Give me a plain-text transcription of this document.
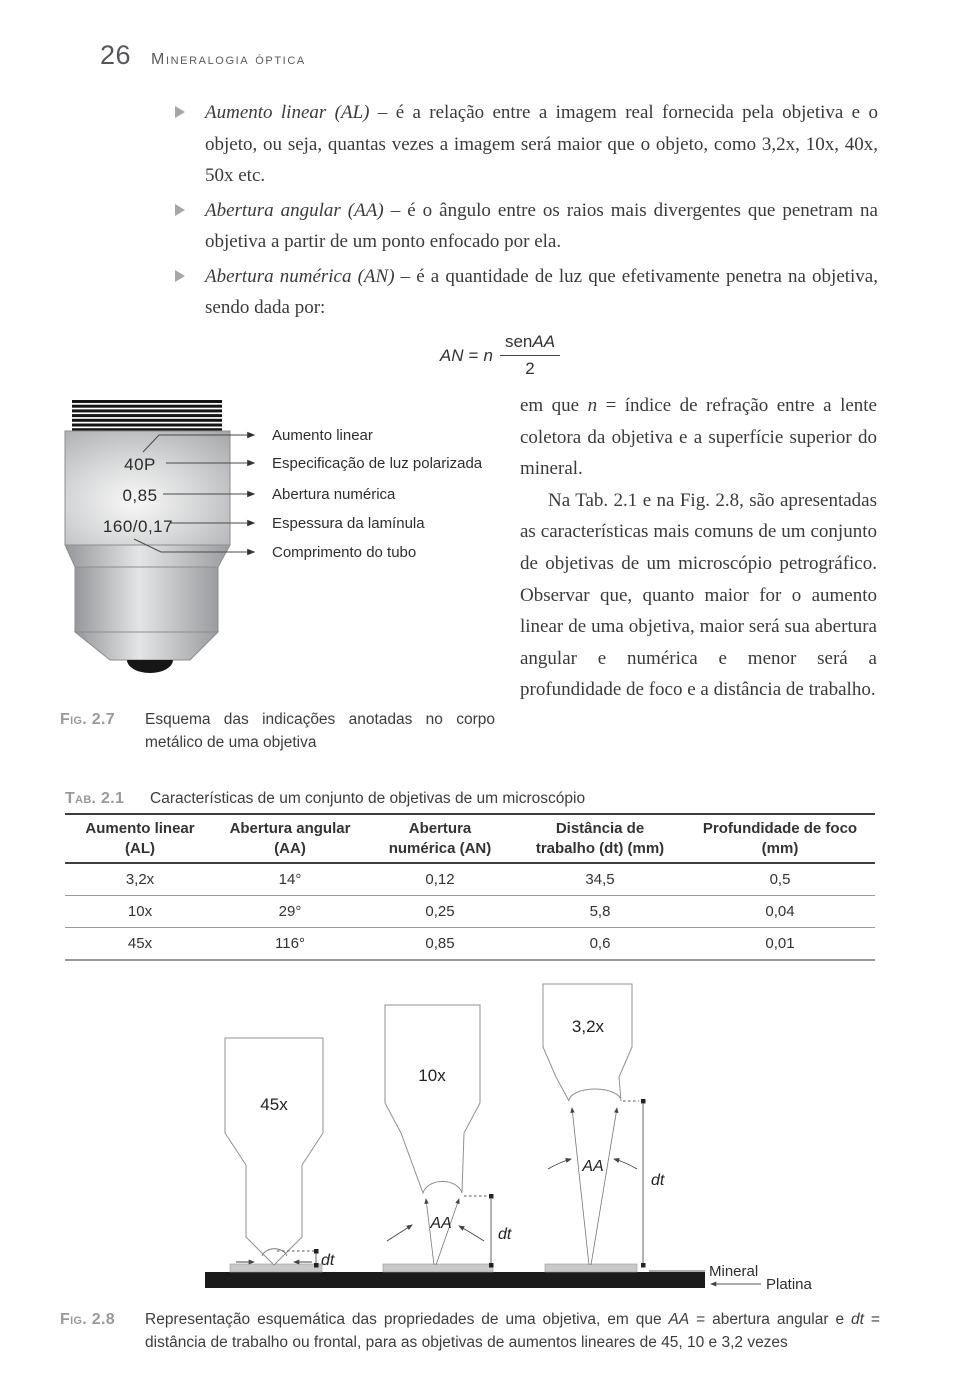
26 Mineralogia óptica
Aumento linear (AL) – é a relação entre a imagem real fornecida pela objetiva e o objeto, ou seja, quantas vezes a imagem será maior que o objeto, como 3,2x, 10x, 40x, 50x etc.
Abertura angular (AA) – é o ângulo entre os raios mais divergentes que penetram na objetiva a partir de um ponto enfocado por ela.
Abertura numérica (AN) – é a quantidade de luz que efetivamente penetra na objetiva, sendo dada por:
AN = n $\frac{\text{senAA}}{2}$
40P
0,85
160/0,17
Aumento linear
Especificação de luz polarizada
Abertura numérica
Espessura da lamínula
Comprimento do tubo

em que n = índice de refração entre a lente coletora da objetiva e a superfície superior do mineral.

Na Tab. 2.1 e na Fig. 2.8, são apresentadas as características mais comuns de um conjunto de objetivas de um microscópio petrográfico. Observar que, quanto maior for o aumento linear de uma objetiva, maior será sua abertura angular e numérica e menor será a profundidade de foco e a distância de trabalho.

Fig. 2.7	Esquema das indicações anotadas no corpo metálico de uma objetiva
Tab. 2.1	Características de um conjunto de objetivas de um microscópio
Aumento linear
(AL)

Abertura angular
(AA)

Abertura
numérica (AN)

Distância de
trabalho (dt) (mm)

Profundidade de foco
(mm)

3,2x	14°	0,12	34,5	0,5
10x	29°	0,25	5,8	0,04
45x	116°	0,85	0,6	0,01
45x
dt
10x
AA
dt
3,2x
AA
dt
Mineral
Platina
Fig. 2.8	Representação esquemática das propriedades de uma objetiva, em que AA = abertura angular e dt = distância de trabalho ou frontal, para as objetivas de aumentos lineares de 45, 10 e 3,2 vezes
